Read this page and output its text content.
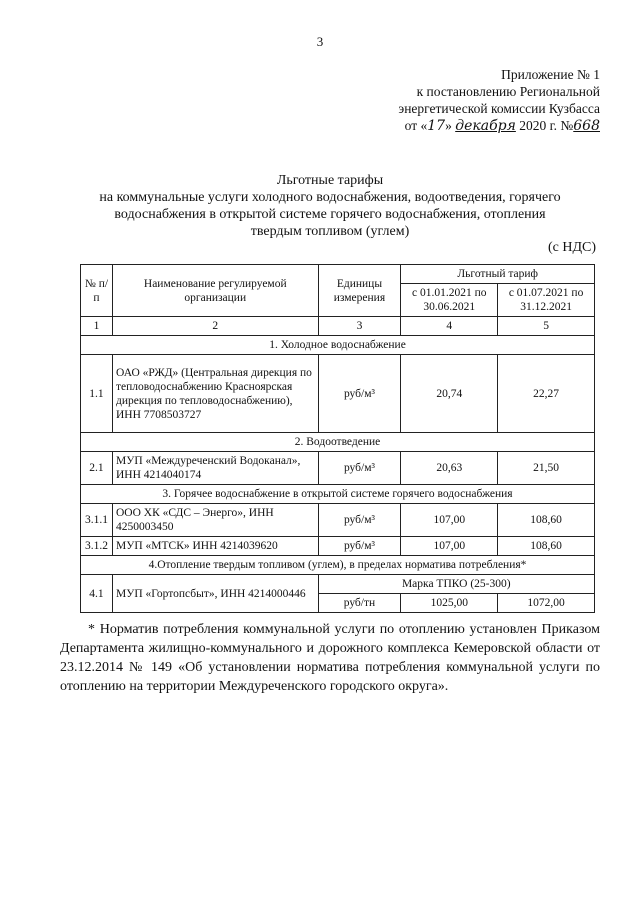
3
Приложение № 1
к постановлению Региональной
энергетической комиссии Кузбасса
от «17» декабря 2020 г. №668
Льготные тарифы
на коммунальные услуги холодного водоснабжения, водоотведения, горячего
водоснабжения в открытой системе горячего водоснабжения, отопления
твердым топливом (углем)
(с НДС)
№ п/п	Наименование регулируемой организации	Единицы измерения	Льготный тариф	
			с 01.01.2021 по 30.06.2021	с 01.07.2021 по 31.12.2021
1	2	3	4	5
1. Холодное водоснабжение				
1.1	ОАО «РЖД» (Центральная дирекция по тепловодоснабжению Красноярская дирекция по тепловодоснабжению), ИНН 7708503727	руб/м³	20,74	22,27
2. Водоотведение				
2.1	МУП «Междуреченский Водоканал», ИНН 4214040174	руб/м³	20,63	21,50
3. Горячее водоснабжение в открытой системе горячего водоснабжения				
3.1.1	ООО ХК «СДС – Энерго», ИНН 4250003450	руб/м³	107,00	108,60
3.1.2	МУП «МТСК» ИНН 4214039620	руб/м³	107,00	108,60
4.Отопление твердым топливом (углем), в пределах норматива потребления*				
4.1	МУП «Гортопсбыт», ИНН 4214000446	Марка ТПКО (25-300)		
		руб/тн	1025,00	1072,00

* Норматив потребления коммунальной услуги по отоплению установлен Приказом Департамента жилищно-коммунального и дорожного комплекса Кемеровской области от 23.12.2014 № 149 «Об установлении норматива потребления коммунальной услуги по отоплению на территории Междуреченского городского округа».
